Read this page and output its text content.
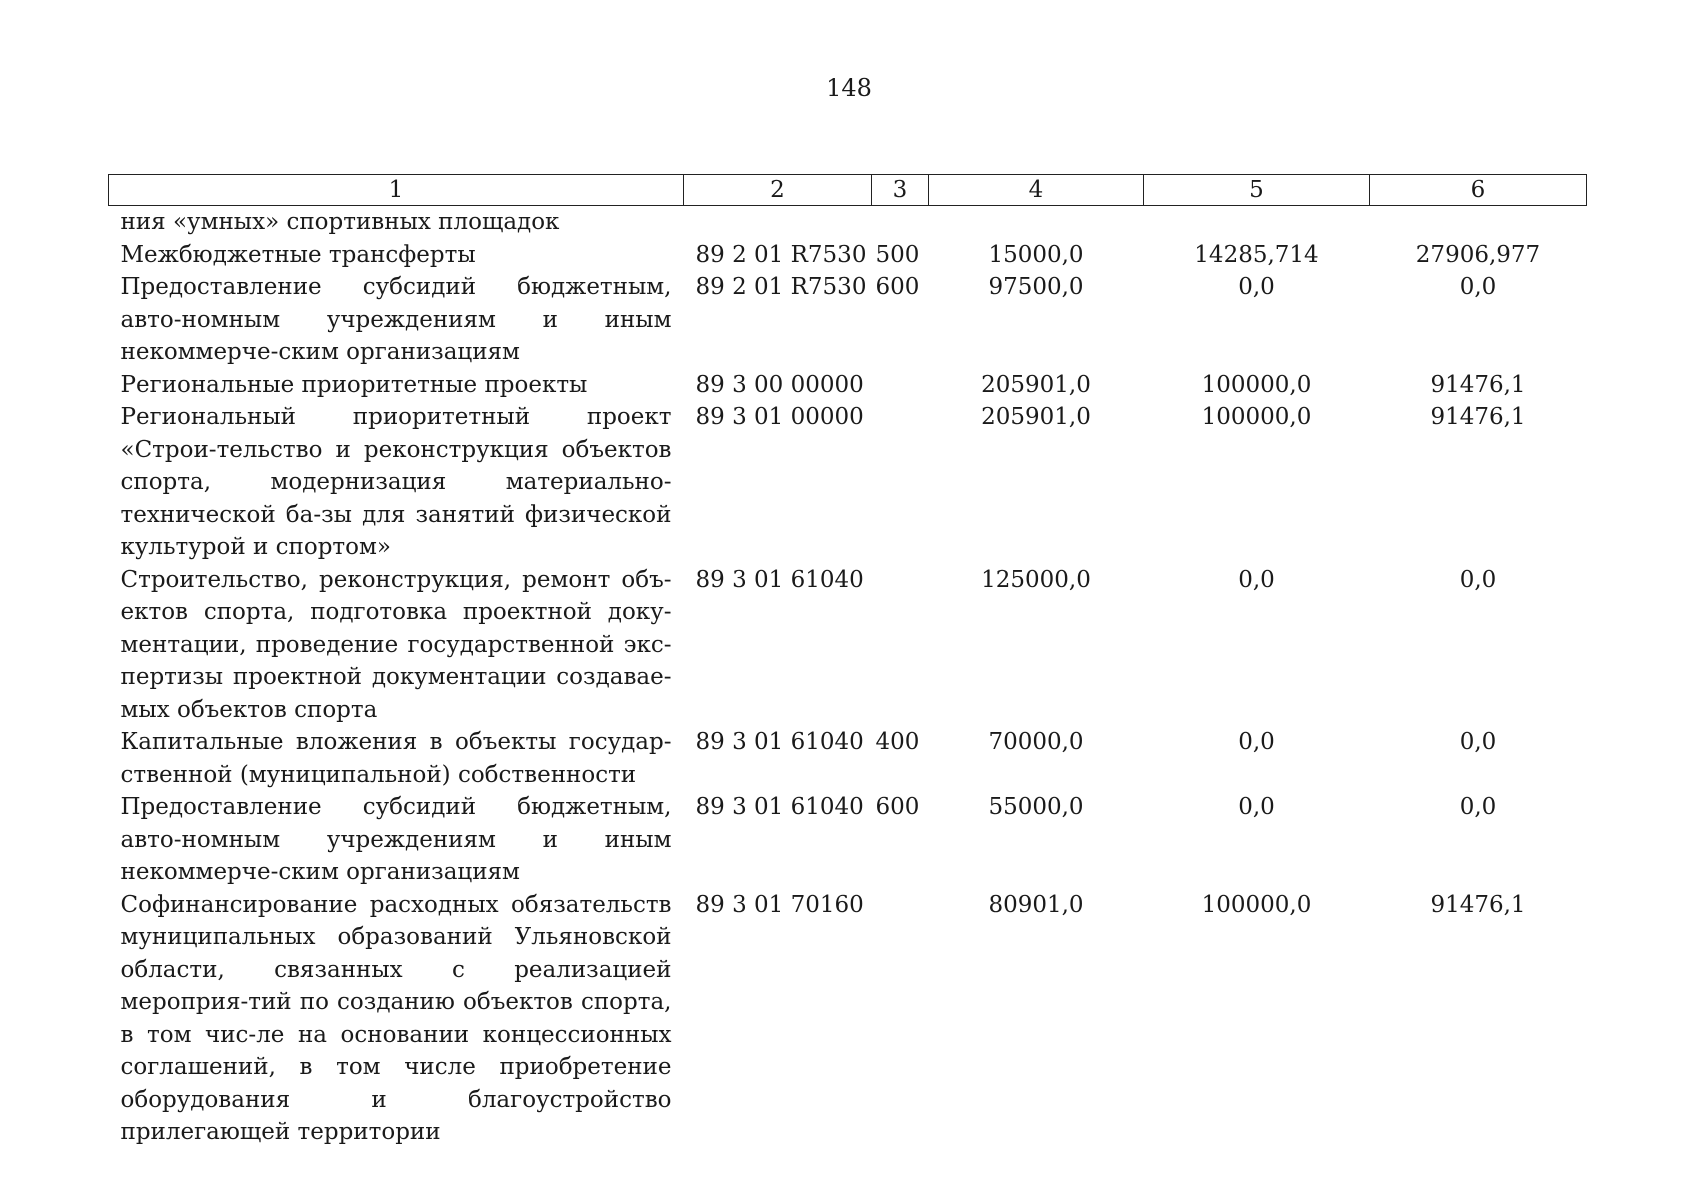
148
1	2	3	4	5	6
ния «умных» спортивных площадок					
Межбюджетные трансферты	89 2 01 R7530	500	15000,0	14285,714	27906,977
Предоставление субсидий бюджетным, авто-номным учреждениям и иным некоммерче-ским организациям	89 2 01 R7530	600	97500,0	0,0	0,0
Региональные приоритетные проекты	89 3 00 00000		205901,0	100000,0	91476,1
Региональный приоритетный проект «Строи-тельство и реконструкция объектов спорта, модернизация материально-технической ба-зы для занятий физической культурой и спортом»	89 3 01 00000		205901,0	100000,0	91476,1
Строительство, реконструкция, ремонт объ-ектов спорта, подготовка проектной доку-ментации, проведение государственной экс-пертизы проектной документации создавае-мых объектов спорта	89 3 01 61040		125000,0	0,0	0,0
Капитальные вложения в объекты государ-ственной (муниципальной) собственности	89 3 01 61040	400	70000,0	0,0	0,0
Предоставление субсидий бюджетным, авто-номным учреждениям и иным некоммерче-ским организациям	89 3 01 61040	600	55000,0	0,0	0,0
Софинансирование расходных обязательств муниципальных образований Ульяновской области, связанных с реализацией мероприя-тий по созданию объектов спорта, в том чис-ле на основании концессионных соглашений, в том числе приобретение оборудования и благоустройство прилегающей территории	89 3 01 70160		80901,0	100000,0	91476,1
